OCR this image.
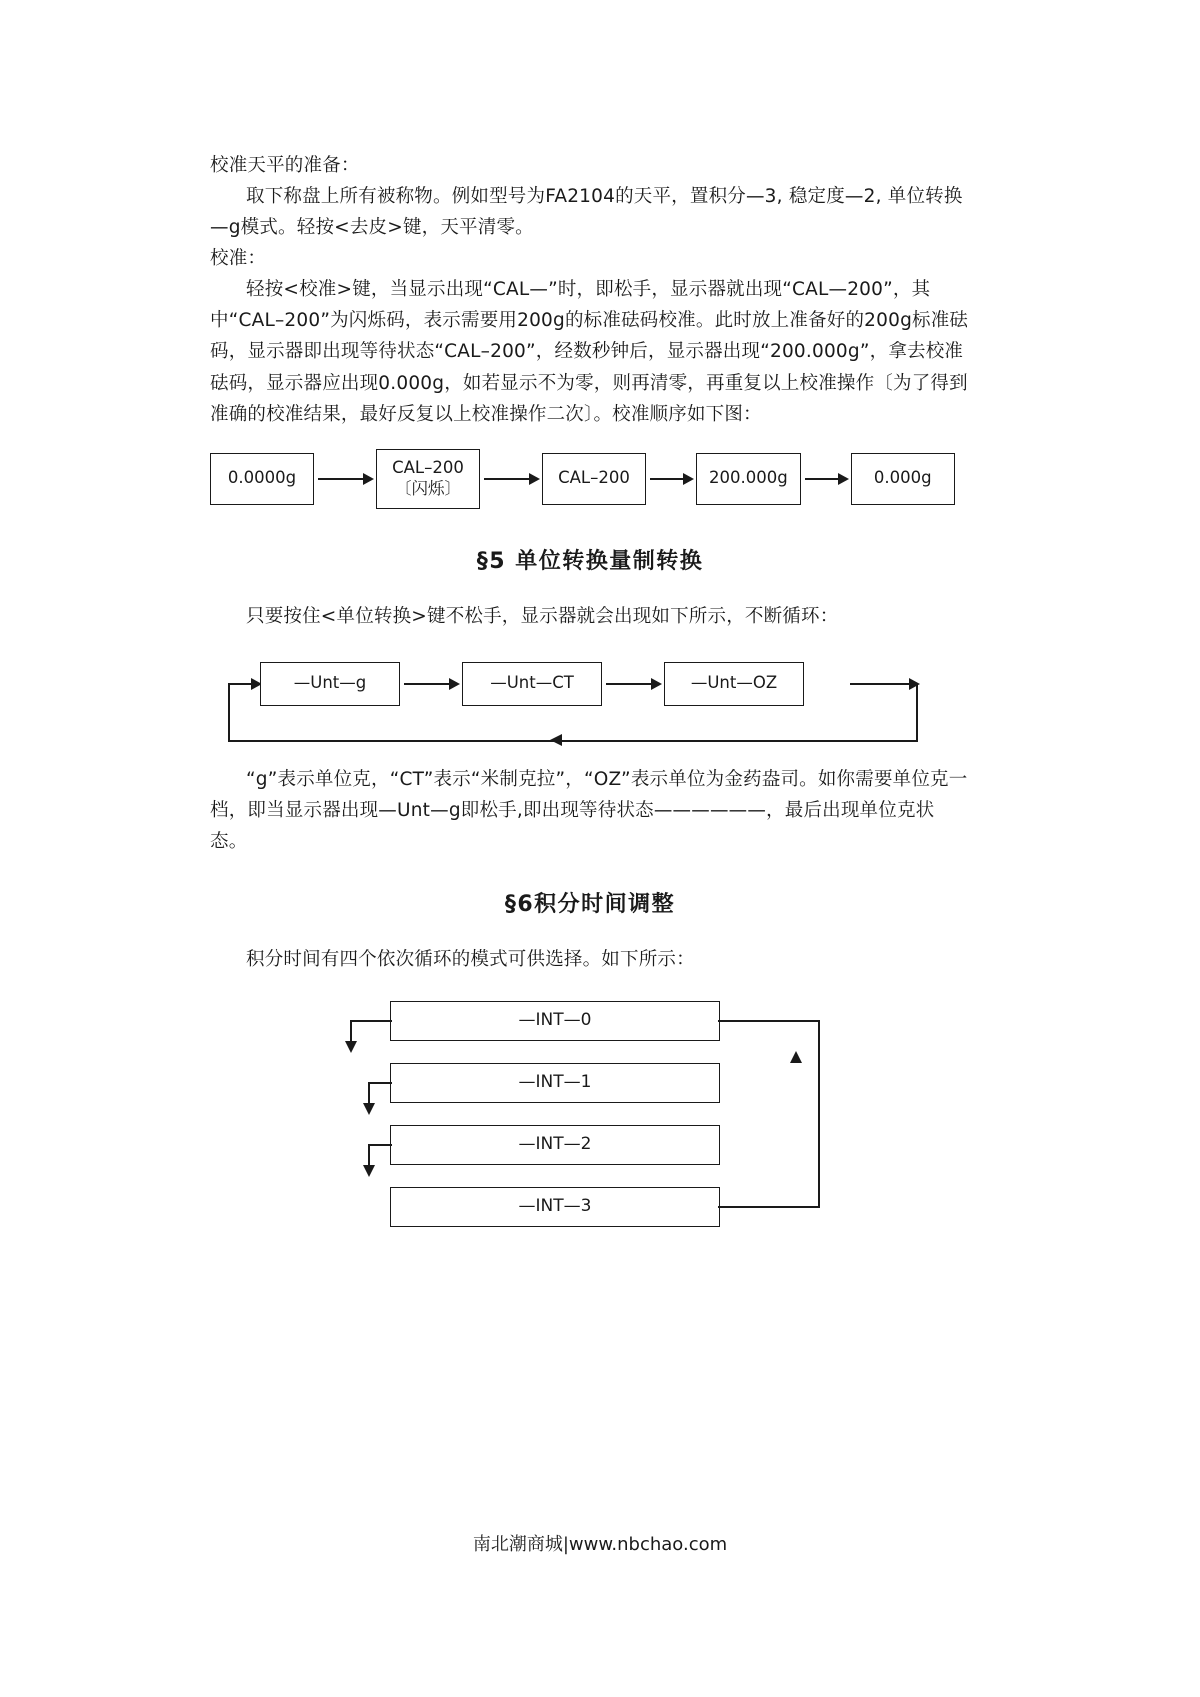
校准天平的准备：

取下称盘上所有被称物。例如型号为FA2104的天平，置积分—3, 稳定度—2, 单位转换—g模式。轻按<去皮>键，天平清零。

校准：

轻按<校准>键，当显示出现“CAL—”时，即松手，显示器就出现“CAL—200”，其中“CAL–200”为闪烁码，表示需要用200g的标准砝码校准。此时放上准备好的200g标准砝码，显示器即出现等待状态“CAL–200”，经数秒钟后，显示器出现“200.000g”，拿去校准砝码，显示器应出现0.000g，如若显示不为零，则再清零，再重复以上校准操作〔为了得到准确的校准结果，最好反复以上校准操作二次〕。校准顺序如下图：

0.0000g
CAL–200
〔闪烁〕
CAL–200	200.000g	0.000g
§5 单位转换量制转换

只要按住<单位转换>键不松手，显示器就会出现如下所示，不断循环：

—Unt—g	—Unt—CT	—Unt—OZ

“g”表示单位克，“CT”表示“米制克拉”，“OZ”表示单位为金药盎司。如你需要单位克一档，即当显示器出现—Unt—g即松手,即出现等待状态——————，最后出现单位克状态。

§6积分时间调整

积分时间有四个依次循环的模式可供选择。如下所示：

—INT—0
—INT—1
—INT—2
—INT—3
南北潮商城|www.nbchao.com
